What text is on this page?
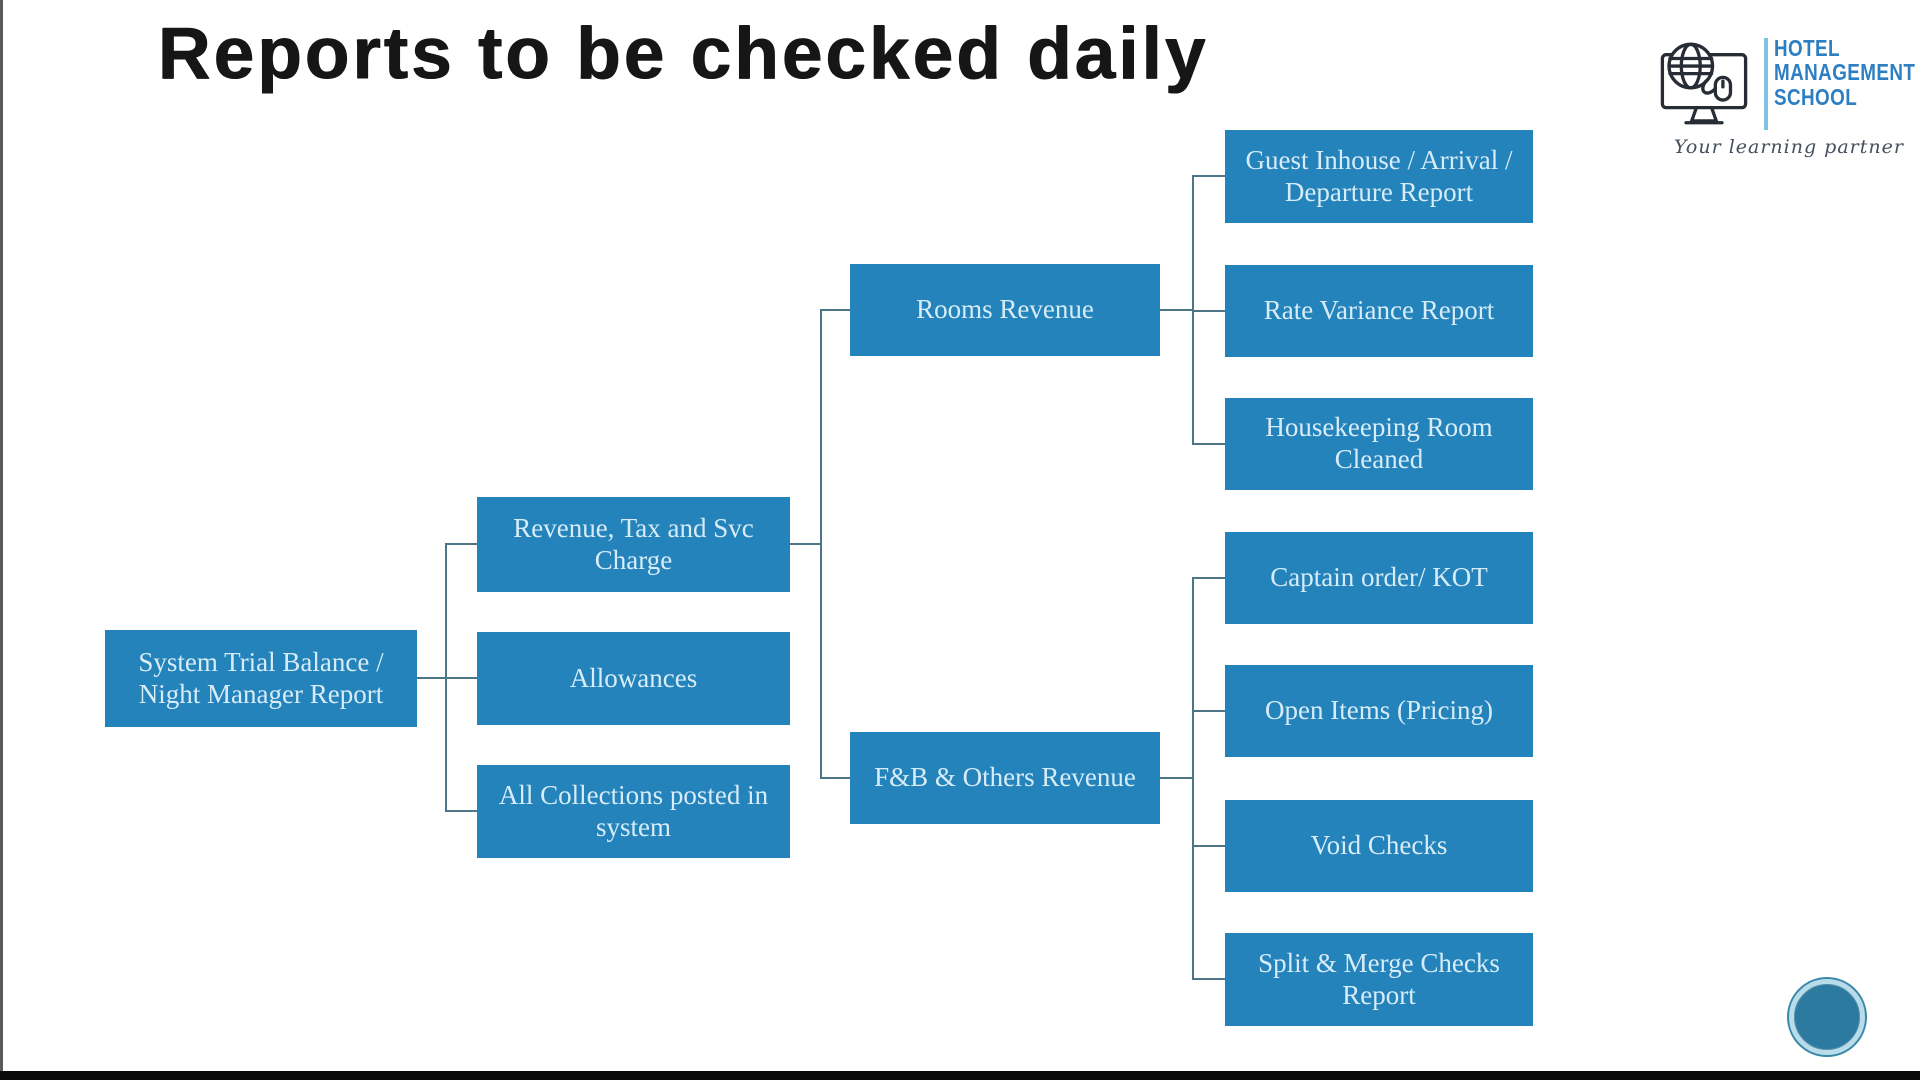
Reports to be checked daily	HOTEL
MANAGEMENT
SCHOOL
Your learning partner
System Trial Balance / Night Manager Report
Revenue, Tax and Svc Charge
Allowances
All Collections posted in system
Rooms Revenue
F&B & Others Revenue
Guest Inhouse / Arrival / Departure Report
Rate Variance Report
Housekeeping Room Cleaned
Captain order/ KOT
Open Items (Pricing)
Void Checks
Split & Merge Checks Report
